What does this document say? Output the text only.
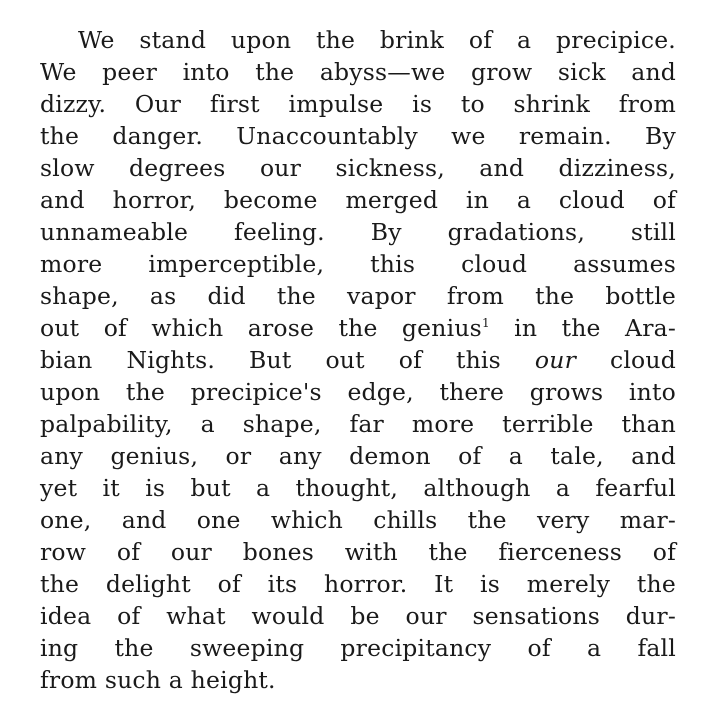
We stand upon the brink of a precipice.
We peer into the abyss—we grow sick and
dizzy. Our first impulse is to shrink from
the danger. Unaccountably we remain. By
slow degrees our sickness, and dizziness,
and horror, become merged in a cloud of
unnameable feeling. By gradations, still
more imperceptible, this cloud assumes
shape, as did the vapor from the bottle
out of which arose the genius$^1$ in the Ara-
bian Nights. But out of this our cloud
upon the precipice's edge, there grows into
palpability, a shape, far more terrible than
any genius, or any demon of a tale, and
yet it is but a thought, although a fearful
one, and one which chills the very mar-
row of our bones with the fierceness of
the delight of its horror. It is merely the
idea of what would be our sensations dur-
ing the sweeping precipitancy of a fall
from such a height.
